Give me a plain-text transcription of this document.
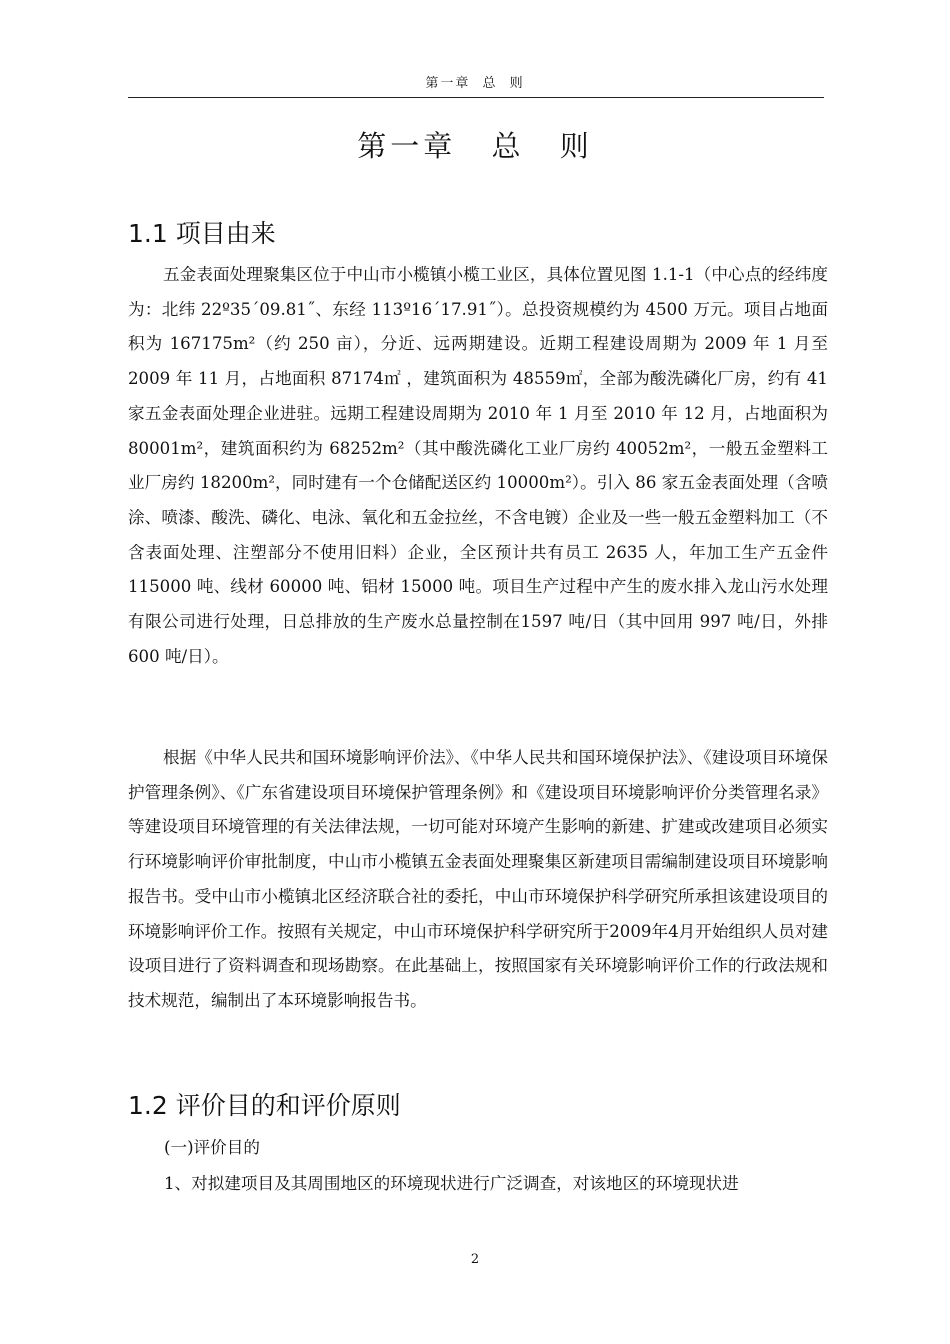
第一章 总 则
第一章 总 则
1.1 项目由来

五金表面处理聚集区位于中山市小榄镇小榄工业区，具体位置见图 1.1-1（中心点的经纬度为：北纬 22º35´09.81˝、东经 113º16´17.91˝）。总投资规模约为 4500 万元。项目占地面积为 167175m²（约 250 亩），分近、远两期建设。近期工程建设周期为 2009 年 1 月至 2009 年 11 月，占地面积 87174㎡ ，建筑面积为 48559㎡，全部为酸洗磷化厂房，约有 41 家五金表面处理企业进驻。远期工程建设周期为 2010 年 1 月至 2010 年 12 月，占地面积为 80001m²，建筑面积约为 68252m²（其中酸洗磷化工业厂房约 40052m²，一般五金塑料工业厂房约 18200m²，同时建有一个仓储配送区约 10000m²）。引入 86 家五金表面处理（含喷涂、喷漆、酸洗、磷化、电泳、氧化和五金拉丝，不含电镀）企业及一些一般五金塑料加工（不含表面处理、注塑部分不使用旧料）企业，全区预计共有员工 2635 人，年加工生产五金件 115000 吨、线材 60000 吨、铝材 15000 吨。项目生产过程中产生的废水排入龙山污水处理有限公司进行处理，日总排放的生产废水总量控制在1597 吨/日（其中回用 997 吨/日，外排 600 吨/日）。

根据《中华人民共和国环境影响评价法》、《中华人民共和国环境保护法》、《建设项目环境保护管理条例》、《广东省建设项目环境保护管理条例》和《建设项目环境影响评价分类管理名录》等建设项目环境管理的有关法律法规，一切可能对环境产生影响的新建、扩建或改建项目必须实行环境影响评价审批制度，中山市小榄镇五金表面处理聚集区新建项目需编制建设项目环境影响报告书。受中山市小榄镇北区经济联合社的委托，中山市环境保护科学研究所承担该建设项目的环境影响评价工作。按照有关规定，中山市环境保护科学研究所于2009年4月开始组织人员对建设项目进行了资料调查和现场勘察。在此基础上，按照国家有关环境影响评价工作的行政法规和技术规范，编制出了本环境影响报告书。

1.2 评价目的和评价原则

(一)评价目的

1、对拟建项目及其周围地区的环境现状进行广泛调查，对该地区的环境现状进

2
